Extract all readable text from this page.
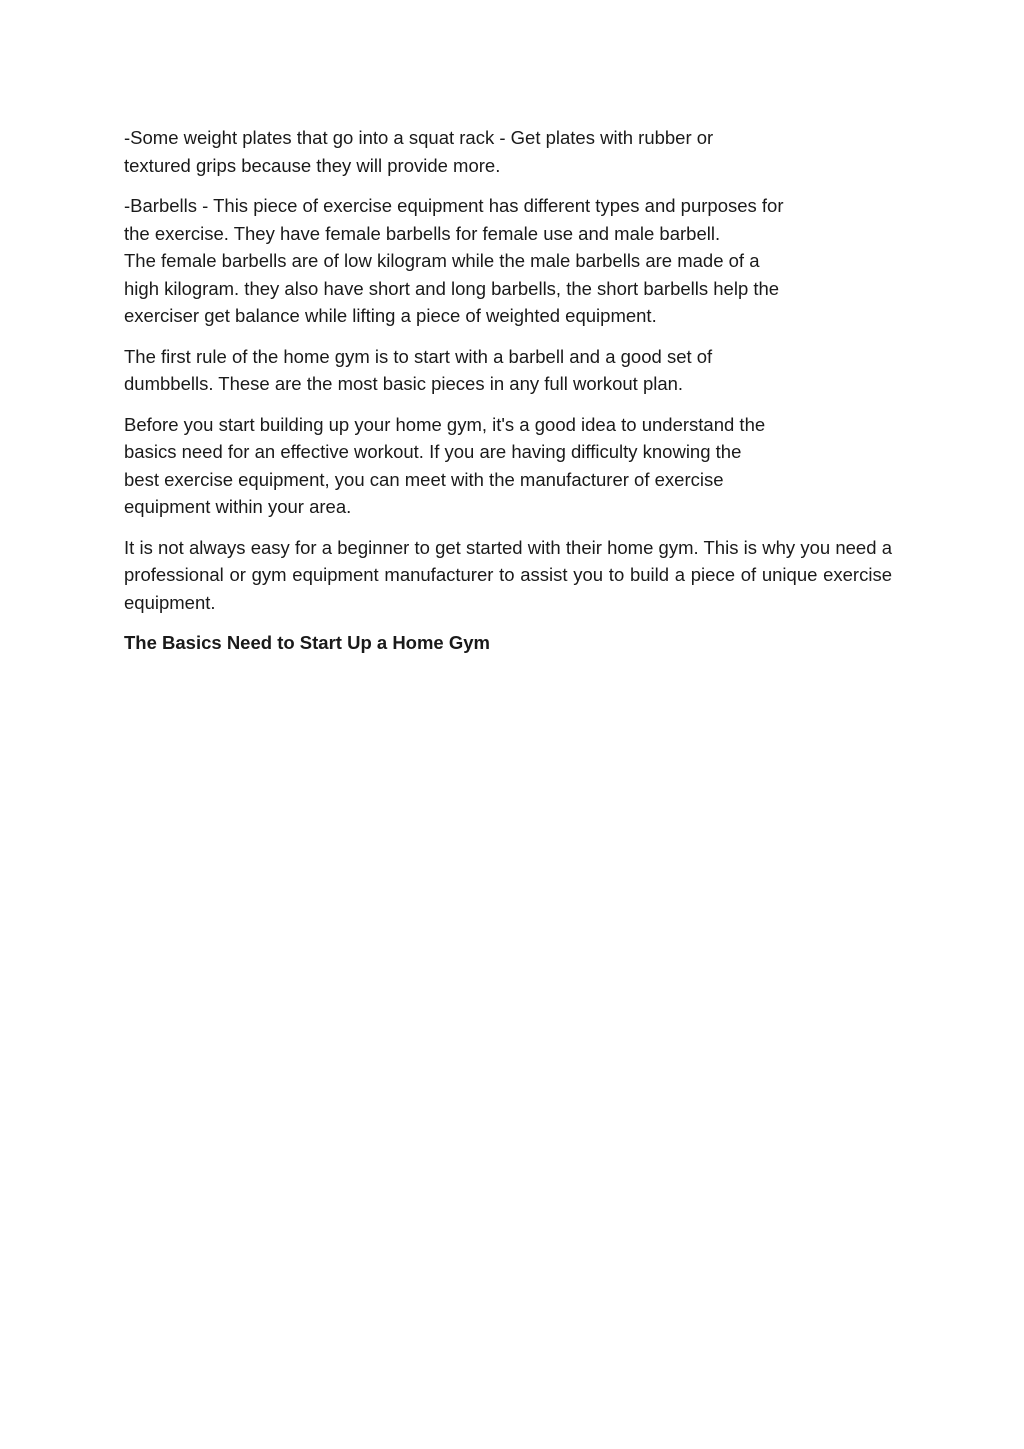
-Some weight plates that go into a squat rack - Get plates with rubber or
textured grips because they will provide more.

-Barbells - This piece of exercise equipment has different types and purposes for
the exercise. They have female barbells for female use and male barbell.
The female barbells are of low kilogram while the male barbells are made of a
high kilogram. they also have short and long barbells, the short barbells help the
exerciser get balance while lifting a piece of weighted equipment.

The first rule of the home gym is to start with a barbell and a good set of
dumbbells. These are the most basic pieces in any full workout plan.

Before you start building up your home gym, it's a good idea to understand the
basics need for an effective workout. If you are having difficulty knowing the
best exercise equipment, you can meet with the manufacturer of exercise
equipment within your area.

It is not always easy for a beginner to get started with their home gym. This is why you need a professional or gym equipment manufacturer to assist you to build a piece of unique exercise equipment.

The Basics Need to Start Up a Home Gym
